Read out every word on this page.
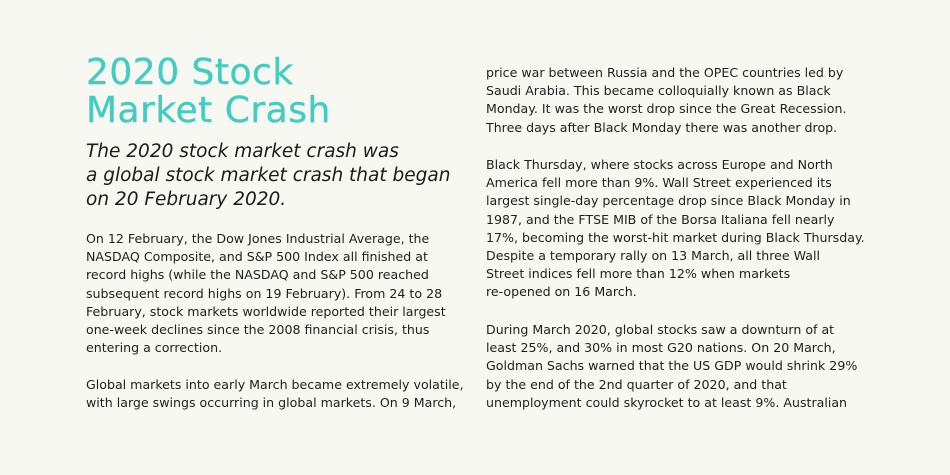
2020 Stock
Market Crash

The 2020 stock market crash was
a global stock market crash that began
on 20 February 2020.

On 12 February, the Dow Jones Industrial Average, the
NASDAQ Composite, and S&P 500 Index all finished at
record highs (while the NASDAQ and S&P 500 reached
subsequent record highs on 19 February). From 24 to 28
February, stock markets worldwide reported their largest
one-week declines since the 2008 financial crisis, thus
entering a correction.

Global markets into early March became extremely volatile,
with large swings occurring in global markets. On 9 March,

price war between Russia and the OPEC countries led by
Saudi Arabia. This became colloquially known as Black
Monday. It was the worst drop since the Great Recession.
Three days after Black Monday there was another drop.

Black Thursday, where stocks across Europe and North
America fell more than 9%. Wall Street experienced its
largest single-day percentage drop since Black Monday in
1987, and the FTSE MIB of the Borsa Italiana fell nearly
17%, becoming the worst-hit market during Black Thursday.
Despite a temporary rally on 13 March, all three Wall
Street indices fell more than 12% when markets
re-opened on 16 March.

During March 2020, global stocks saw a downturn of at
least 25%, and 30% in most G20 nations. On 20 March,
Goldman Sachs warned that the US GDP would shrink 29%
by the end of the 2nd quarter of 2020, and that
unemployment could skyrocket to at least 9%. Australian
